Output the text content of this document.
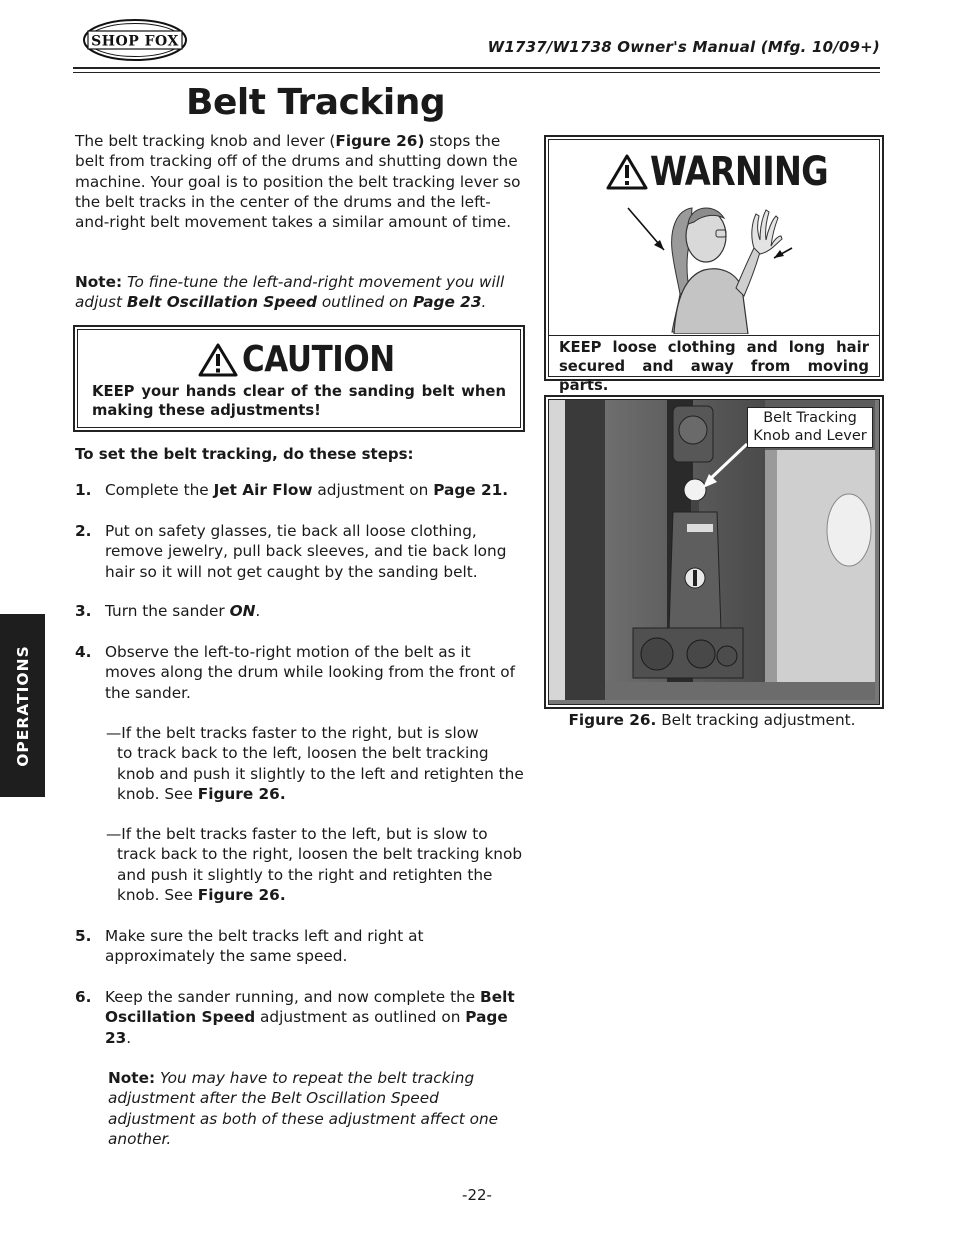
SHOP FOX	W1737/W1738 Owner's Manual (Mfg. 10/09+)
Belt Tracking
The belt tracking knob and lever (Figure 26) stops the belt from tracking off of the drums and shutting down the machine. Your goal is to position the belt tracking lever so the belt tracks in the center of the drums and the left-and-right belt movement takes a similar amount of time.
Note: To fine-tune the left-and-right movement you will adjust Belt Oscillation Speed outlined on Page 23.
CAUTION
KEEP your hands clear of the sanding belt when making these adjustments!
To set the belt tracking, do these steps:
1. Complete the Jet Air Flow adjustment on Page 21.
2. Put on safety glasses, tie back all loose clothing, remove jewelry, pull back sleeves, and tie back long hair so it will not get caught by the sanding belt.
3. Turn the sander ON.
4. Observe the left-to-right motion of the belt as it moves along the drum while looking from the front of the sander.
—If the belt tracks faster to the right, but is slow
to track back to the left, loosen the belt tracking knob and push it slightly to the left and retighten the knob. See Figure 26.
—If the belt tracks faster to the left, but is slow to
track back to the right, loosen the belt tracking knob and push it slightly to the right and retighten the knob. See Figure 26.
5. Make sure the belt tracks left and right at approximately the same speed.
6. Keep the sander running, and now complete the Belt Oscillation Speed adjustment as outlined on Page 23.
Note: You may have to repeat the belt tracking adjustment after the Belt Oscillation Speed adjustment as both of these adjustment affect one another.
WARNING
KEEP loose clothing and long hair secured and away from moving parts.
Belt Tracking Knob and Lever
Figure 26. Belt tracking adjustment.
OPERATIONS
-22-
